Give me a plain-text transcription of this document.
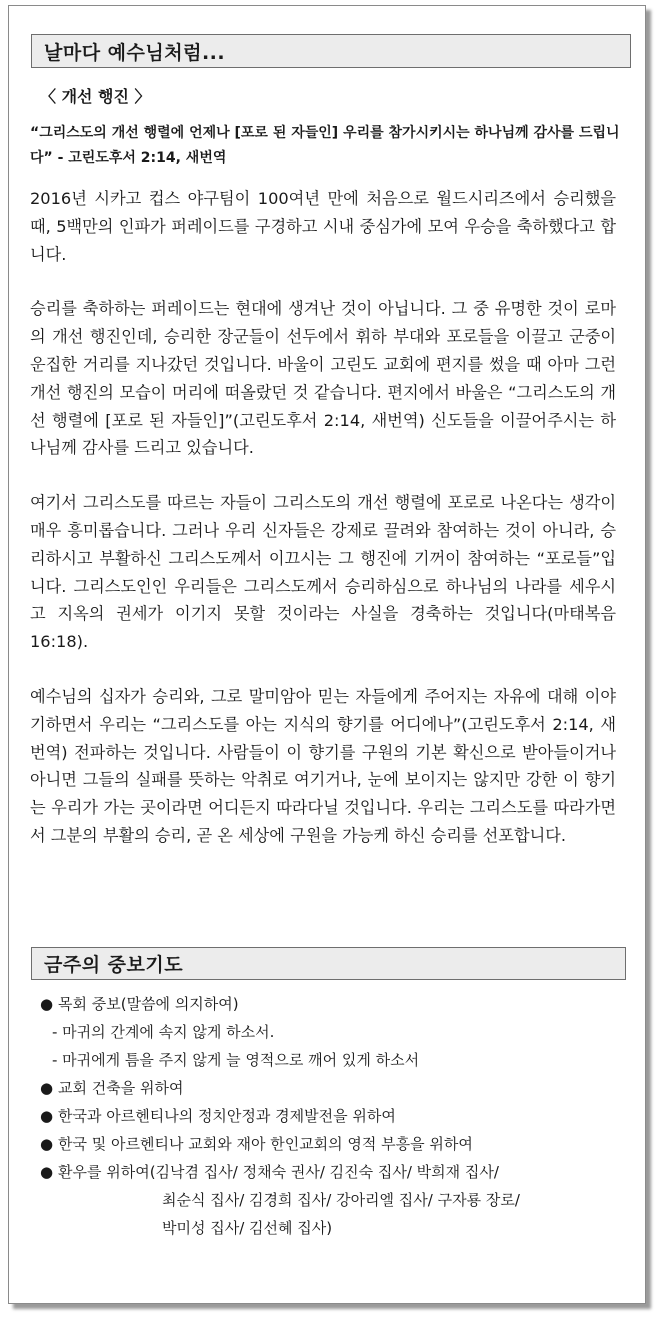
날마다 예수님처럼...
〈 개선 행진 〉
“그리스도의 개선 행렬에 언제나 [포로 된 자들인] 우리를 참가시키시는 하나님께 감사를 드립니다” - 고린도후서 2:14, 새번역

2016년 시카고 컵스 야구팀이 100여년 만에 처음으로 월드시리즈에서 승리했을 때, 5백만의 인파가 퍼레이드를 구경하고 시내 중심가에 모여 우승을 축하했다고 합니다.

승리를 축하하는 퍼레이드는 현대에 생겨난 것이 아닙니다. 그 중 유명한 것이 로마의 개선 행진인데, 승리한 장군들이 선두에서 휘하 부대와 포로들을 이끌고 군중이 운집한 거리를 지나갔던 것입니다. 바울이 고린도 교회에 편지를 썼을 때 아마 그런 개선 행진의 모습이 머리에 떠올랐던 것 같습니다. 편지에서 바울은 “그리스도의 개선 행렬에 [포로 된 자들인]”(고린도후서 2:14, 새번역) 신도들을 이끌어주시는 하나님께 감사를 드리고 있습니다.

여기서 그리스도를 따르는 자들이 그리스도의 개선 행렬에 포로로 나온다는 생각이 매우 흥미롭습니다. 그러나 우리 신자들은 강제로 끌려와 참여하는 것이 아니라, 승리하시고 부활하신 그리스도께서 이끄시는 그 행진에 기꺼이 참여하는 “포로들”입니다. 그리스도인인 우리들은 그리스도께서 승리하심으로 하나님의 나라를 세우시고 지옥의 권세가 이기지 못할 것이라는 사실을 경축하는 것입니다(마태복음 16:18).

예수님의 십자가 승리와, 그로 말미암아 믿는 자들에게 주어지는 자유에 대해 이야기하면서 우리는 “그리스도를 아는 지식의 향기를 어디에나”(고린도후서 2:14, 새번역) 전파하는 것입니다. 사람들이 이 향기를 구원의 기본 확신으로 받아들이거나 아니면 그들의 실패를 뜻하는 악취로 여기거나, 눈에 보이지는 않지만 강한 이 향기는 우리가 가는 곳이라면 어디든지 따라다닐 것입니다. 우리는 그리스도를 따라가면서 그분의 부활의 승리, 곧 온 세상에 구원을 가능케 하신 승리를 선포합니다.

금주의 중보기도
● 목회 중보(말씀에 의지하여)
- 마귀의 간계에 속지 않게 하소서.
- 마귀에게 틈을 주지 않게 늘 영적으로 깨어 있게 하소서
● 교회 건축을 위하여
● 한국과 아르헨티나의 정치안정과 경제발전을 위하여
● 한국 및 아르헨티나 교회와 재아 한인교회의 영적 부흥을 위하여
● 환우를 위하여(김낙겸 집사/ 정채숙 권사/ 김진숙 집사/ 박희재 집사/
최순식 집사/ 김경희 집사/ 강아리엘 집사/ 구자룡 장로/
박미성 집사/ 김선혜 집사)
